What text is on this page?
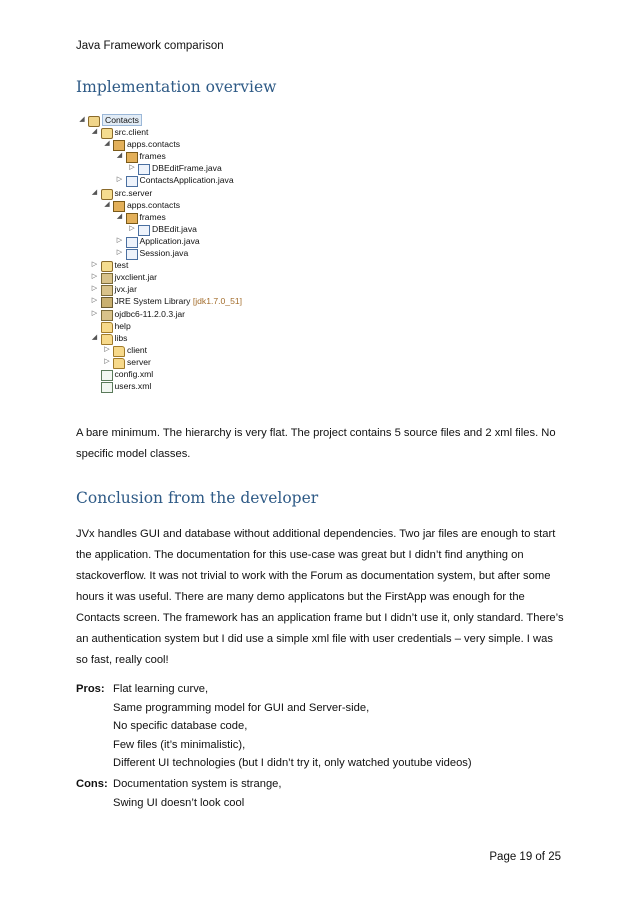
Java Framework comparison
Implementation overview
◢	Contacts
◢ src.client
◢ apps.contacts
◢ frames
▷ DBEditFrame.java
▷ ContactsApplication.java
◢ src.server
◢ apps.contacts
◢ frames
▷ DBEdit.java
▷ Application.java
▷ Session.java
▷ test
▷ jvxclient.jar
▷ jvx.jar
▷ JRE System Library [jdk1.7.0_51]
▷ ojdbc6-11.2.0.3.jar
help
◢ libs
▷ client
▷ server
config.xml
users.xml

A bare minimum. The hierarchy is very flat. The project contains 5 source files and 2 xml files. No specific model classes.

Conclusion from the developer

JVx handles GUI and database without additional dependencies. Two jar files are enough to start the application. The documentation for this use-case was great but I didn’t find anything on stackoverflow. It was not trivial to work with the Forum as documentation system, but after some hours it was useful. There are many demo applicatons but the FirstApp was enough for the Contacts screen. The framework has an application frame but I didn’t use it, only standard. There’s an authentication system but I did use a simple xml file with user credentials – very simple. I was so fast, really cool!

Pros: Flat learning curve,
Same programming model for GUI and Server-side,
No specific database code,
Few files (it’s minimalistic),
Different UI technologies (but I didn’t try it, only watched youtube videos)
Cons: Documentation system is strange,
Swing UI doesn’t look cool
Page 19 of 25
